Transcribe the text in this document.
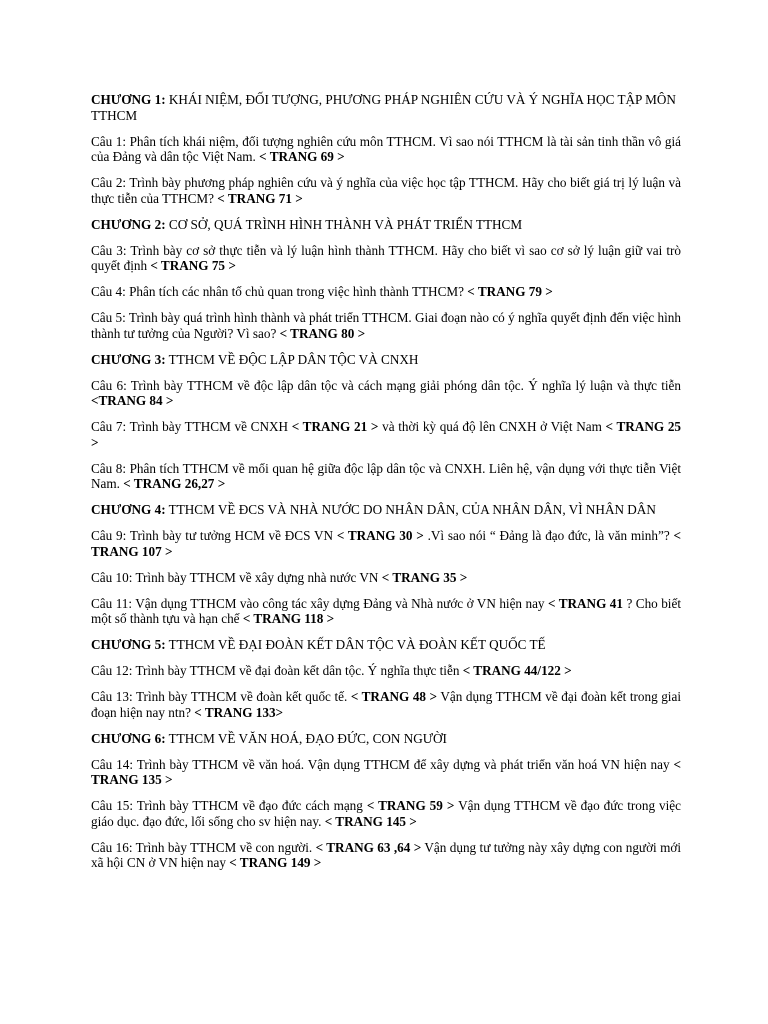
CHƯƠNG 1: KHÁI NIỆM, ĐỐI TƯỢNG, PHƯƠNG PHÁP NGHIÊN CỨU VÀ Ý NGHĨA HỌC TẬP MÔN TTHCM

Câu 1: Phân tích khái niệm, đối tượng nghiên cứu môn TTHCM. Vì sao nói TTHCM là tài sản tinh thần vô giá của Đảng và dân tộc Việt Nam. < TRANG 69 >

Câu 2: Trình bày phương pháp nghiên cứu và ý nghĩa của việc học tập TTHCM. Hãy cho biết giá trị lý luận và thực tiễn của TTHCM? < TRANG 71 >

CHƯƠNG 2: CƠ SỞ, QUÁ TRÌNH HÌNH THÀNH VÀ PHÁT TRIỂN TTHCM

Câu 3: Trình bày cơ sở thực tiễn và lý luận hình thành TTHCM. Hãy cho biết vì sao cơ sở lý luận giữ vai trò quyết định < TRANG 75 >

Câu 4: Phân tích các nhân tố chủ quan trong việc hình thành TTHCM? < TRANG 79 >

Câu 5: Trình bày quá trình hình thành và phát triển TTHCM. Giai đoạn nào có ý nghĩa quyết định đến việc hình thành tư tưởng của Người? Vì sao? < TRANG 80 >

CHƯƠNG 3: TTHCM VỀ ĐỘC LẬP DÂN TỘC VÀ CNXH

Câu 6: Trình bày TTHCM về độc lập dân tộc và cách mạng giải phóng dân tộc. Ý nghĩa lý luận và thực tiễn <TRANG 84 >

Câu 7: Trình bày TTHCM về CNXH < TRANG 21 > và thời kỳ quá độ lên CNXH ở Việt Nam < TRANG 25 >

Câu 8: Phân tích TTHCM về mối quan hệ giữa độc lập dân tộc và CNXH. Liên hệ, vận dụng với thực tiễn Việt Nam. < TRANG 26,27 >

CHƯƠNG 4: TTHCM VỀ ĐCS VÀ NHÀ NƯỚC DO NHÂN DÂN, CỦA NHÂN DÂN, VÌ NHÂN DÂN

Câu 9: Trình bày tư tưởng HCM về ĐCS VN < TRANG 30 > .Vì sao nói “ Đảng là đạo đức, là văn minh”? < TRANG 107 >

Câu 10: Trình bày TTHCM về xây dựng nhà nước VN < TRANG 35 >

Câu 11: Vận dụng TTHCM vào công tác xây dựng Đảng và Nhà nước ở VN hiện nay < TRANG 41 ? Cho biết một số thành tựu và hạn chế < TRANG 118 >

CHƯƠNG 5: TTHCM VỀ ĐẠI ĐOÀN KẾT DÂN TỘC VÀ ĐOÀN KẾT QUỐC TẾ

Câu 12: Trình bày TTHCM về đại đoàn kết dân tộc. Ý nghĩa thực tiễn < TRANG 44/122 >

Câu 13: Trình bày TTHCM về đoàn kết quốc tế. < TRANG 48 > Vận dụng TTHCM về đại đoàn kết trong giai đoạn hiện nay ntn? < TRANG 133>

CHƯƠNG 6: TTHCM VỀ VĂN HOÁ, ĐẠO ĐỨC, CON NGƯỜI

Câu 14: Trình bày TTHCM về văn hoá. Vận dụng TTHCM để xây dựng và phát triển văn hoá VN hiện nay < TRANG 135 >

Câu 15: Trình bày TTHCM về đạo đức cách mạng < TRANG 59 > Vận dụng TTHCM về đạo đức trong việc giáo dục. đạo đức, lối sống cho sv hiện nay. < TRANG 145 >

Câu 16: Trình bày TTHCM về con người. < TRANG 63 ,64 > Vận dụng tư tưởng này xây dựng con người mới xã hội CN ở VN hiện nay < TRANG 149 >
